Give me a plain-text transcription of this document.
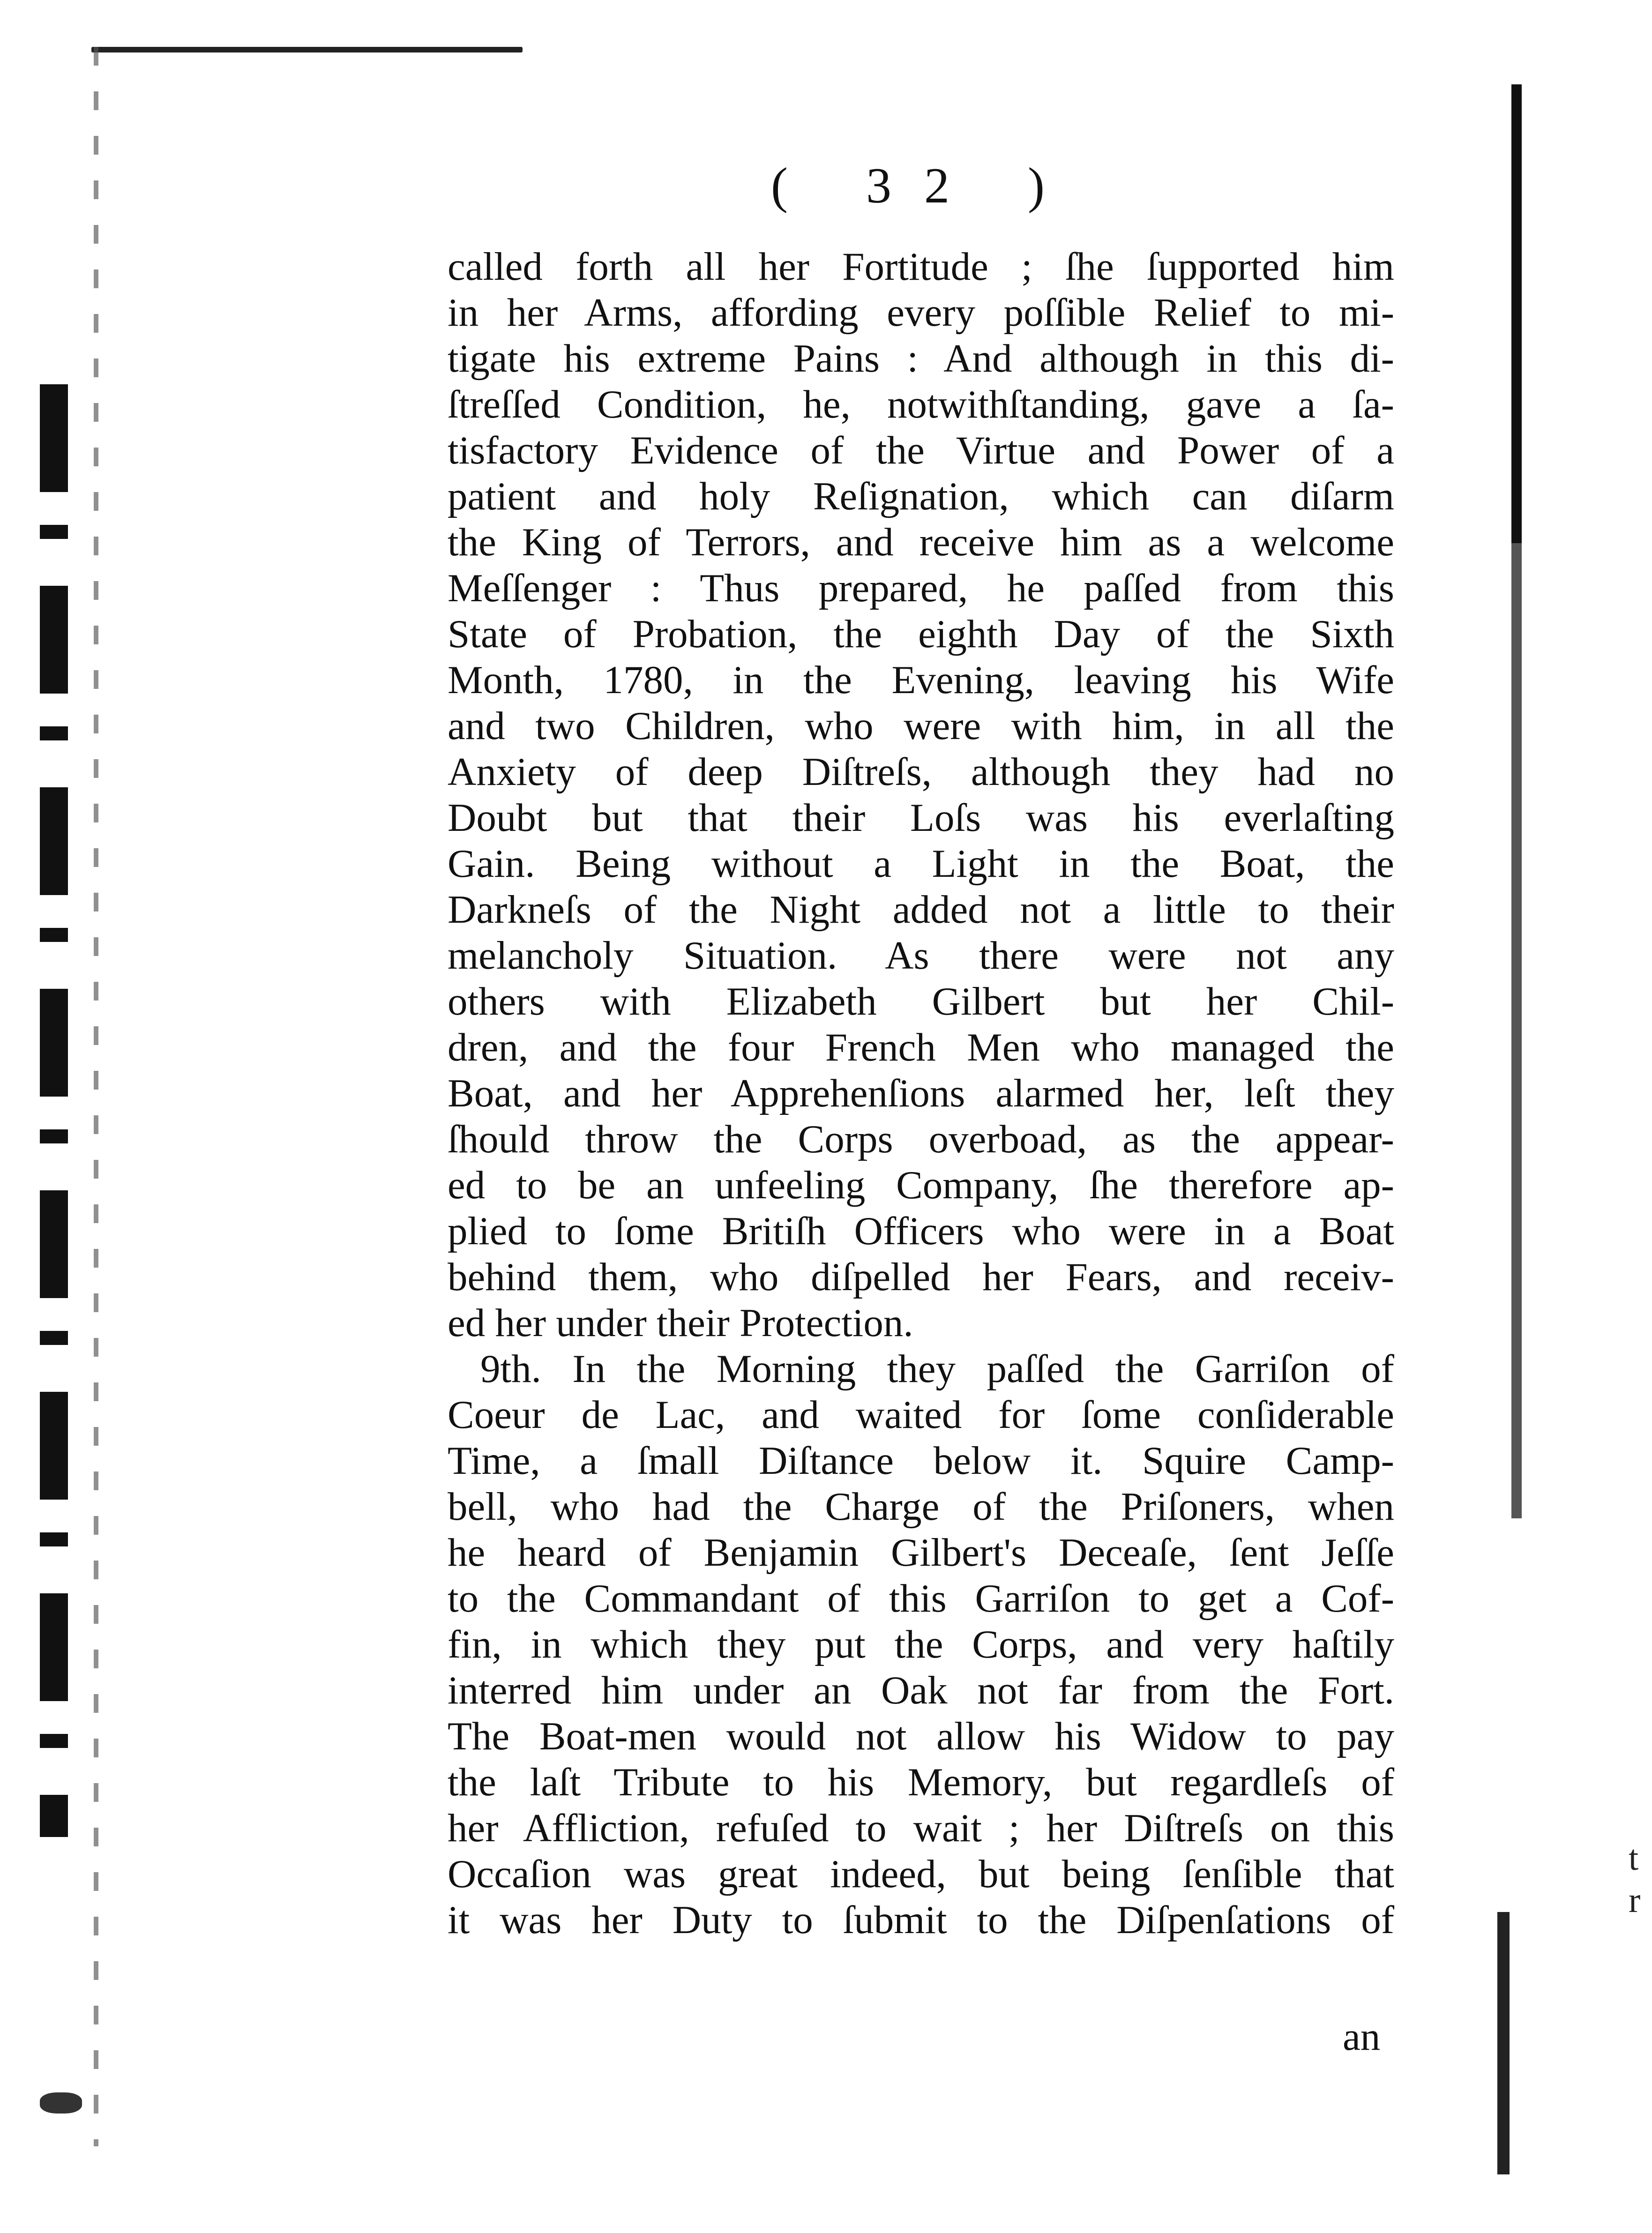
t
r
( 32 )
called forth all her Fortitude ; ſhe ſupported him
in her Arms, affording every poſſible Relief to mi-
tigate his extreme Pains : And although in this di-
ſtreſſed Condition, he, notwithſtanding, gave a ſa-
tisfactory Evidence of the Virtue and Power of a
patient and holy Reſignation, which can diſarm
the King of Terrors, and receive him as a welcome
Meſſenger : Thus prepared, he paſſed from this
State of Probation, the eighth Day of the Sixth
Month, 1780, in the Evening, leaving his Wife
and two Children, who were with him, in all the
Anxiety of deep Diſtreſs, although they had no
Doubt but that their Loſs was his everlaſting
Gain. Being without a Light in the Boat, the
Darkneſs of the Night added not a little to their
melancholy Situation. As there were not any
others with Elizabeth Gilbert but her Chil-
dren, and the four French Men who managed the
Boat, and her Apprehenſions alarmed her, leſt they
ſhould throw the Corps overboad, as the appear-
ed to be an unfeeling Company, ſhe therefore ap-
plied to ſome Britiſh Officers who were in a Boat
behind them, who diſpelled her Fears, and receiv-
ed her under their Protection.
9th. In the Morning they paſſed the Garriſon of
Coeur de Lac, and waited for ſome conſiderable
Time, a ſmall Diſtance below it. Squire Camp-
bell, who had the Charge of the Priſoners, when
he heard of Benjamin Gilbert's Deceaſe, ſent Jeſſe
to the Commandant of this Garriſon to get a Cof-
fin, in which they put the Corps, and very haſtily
interred him under an Oak not far from the Fort.
The Boat-men would not allow his Widow to pay
the laſt Tribute to his Memory, but regardleſs of
her Affliction, refuſed to wait ; her Diſtreſs on this
Occaſion was great indeed, but being ſenſible that
it was her Duty to ſubmit to the Diſpenſations of
an
